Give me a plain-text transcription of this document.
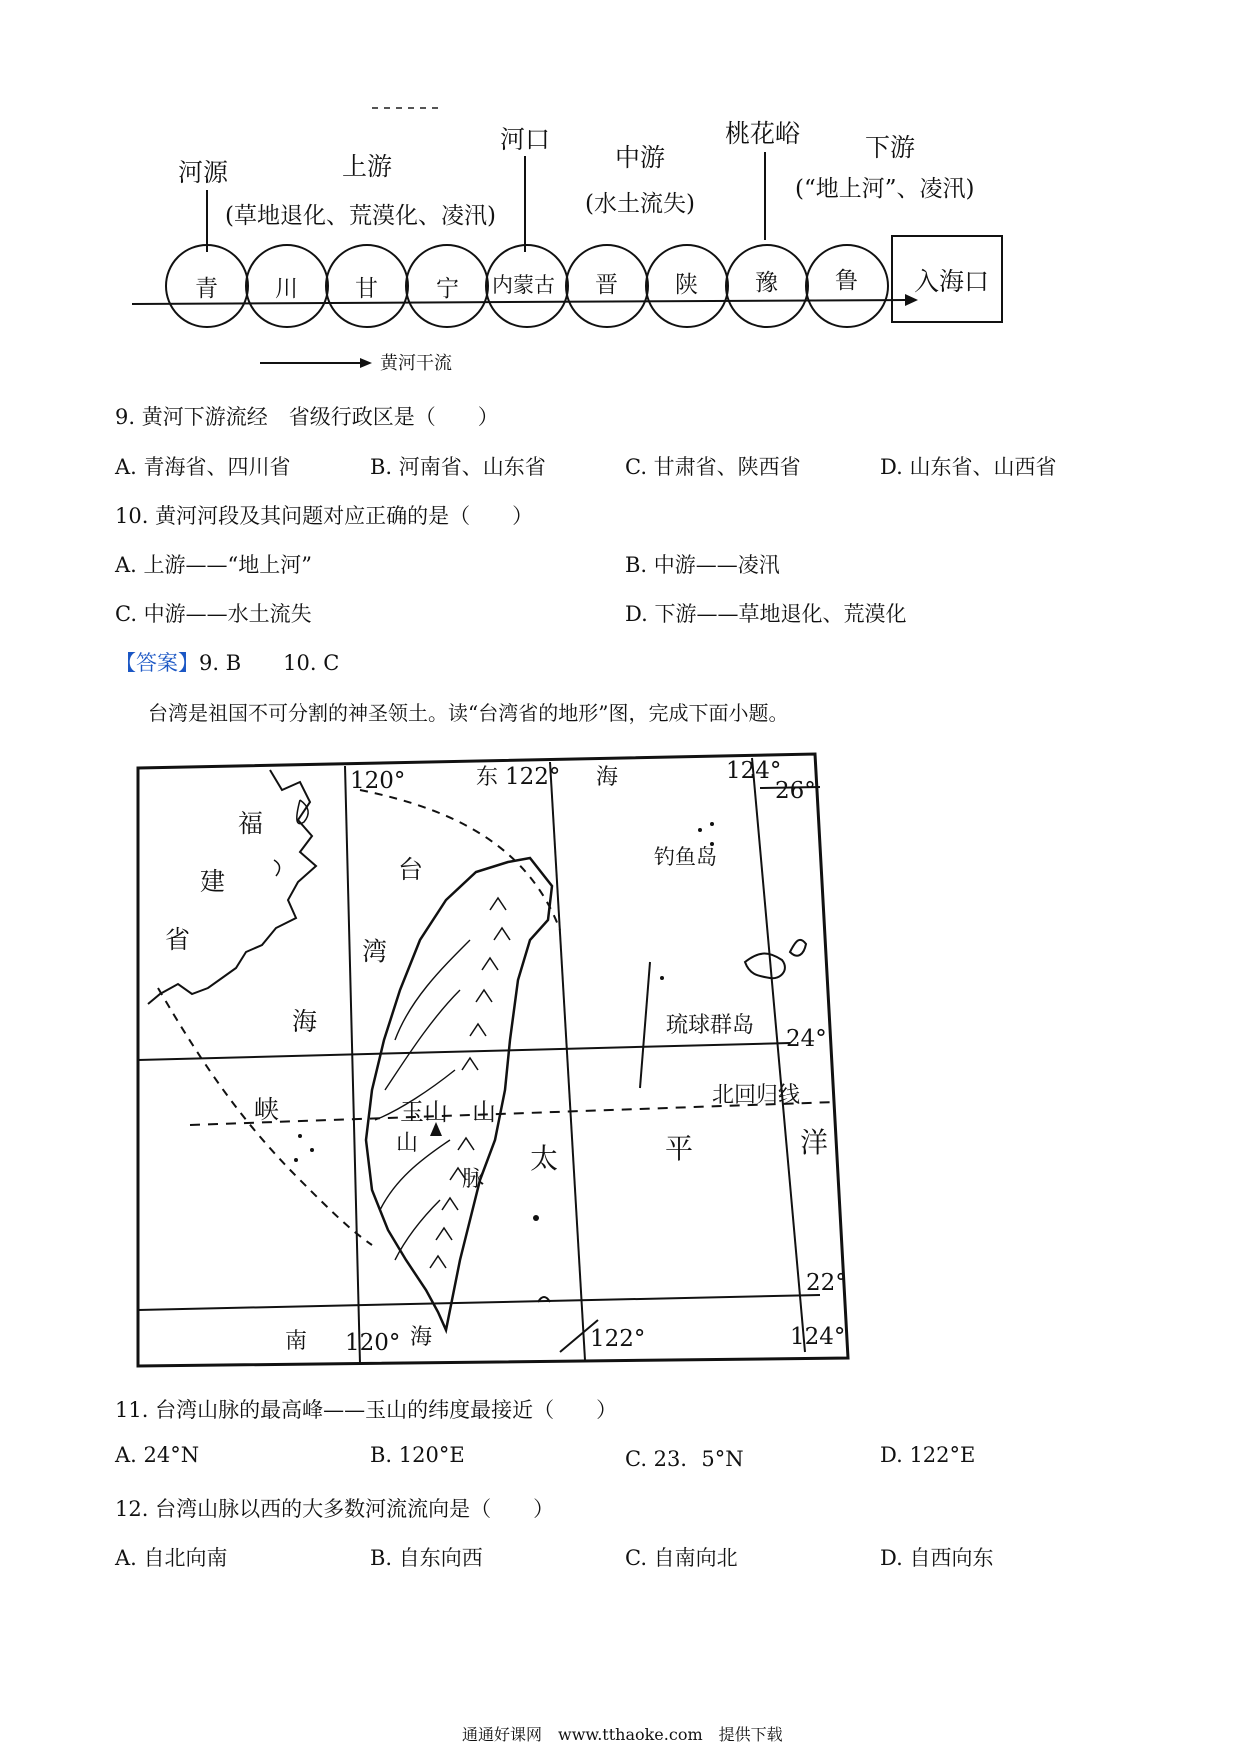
河源	上游
(草地退化、荒漠化、凌汛)
河口
中游
(水土流失)
桃花峪	下游
(“地上河”、凌汛)
入海口
青 川 甘	宁 内蒙古 晋 陕 豫 鲁
黄河干流
9. 黄河下游流经　省级行政区是（　　）
A. 青海省、四川省	B. 河南省、山东省	C. 甘肃省、陕西省	D. 山东省、山西省
10. 黄河河段及其问题对应正确的是（　　）
A. 上游——“地上河”	B. 中游——凌汛
C. 中游——水土流失	D. 下游——草地退化、荒漠化
【答案】9. B　　10. C
台湾是祖国不可分割的神圣领土。读“台湾省的地形”图，完成下面小题。
120°	东 122° 海	124°
26°
福
建
省
台
湾
海
峡
钓鱼岛
琉球群岛
24°
北回归线
玉山 山
山
脉
太	平	洋
22°
南 120° 海	122°	124°
11. 台湾山脉的最高峰——玉山的纬度最接近（　　）
A. 24°N	B. 120°E	C. 23．5°N	D. 122°E
12. 台湾山脉以西的大多数河流流向是（　　）
A. 自北向南	B. 自东向西	C. 自南向北	D. 自西向东
通通好课网　www.tthaoke.com　提供下载
